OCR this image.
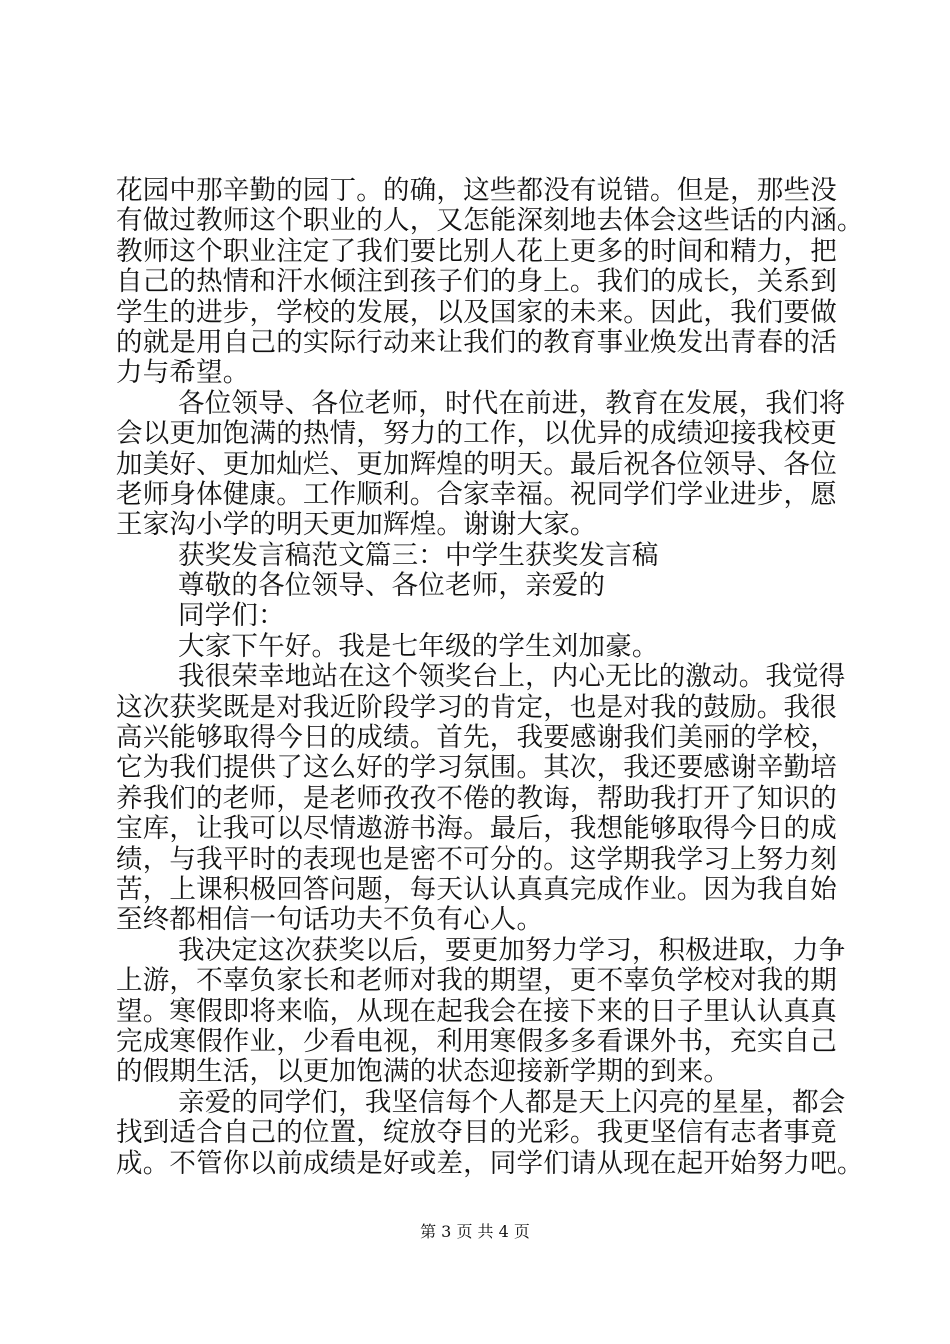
花园中那辛勤的园丁。的确，这些都没有说错。但是，那些没
有做过教师这个职业的人，又怎能深刻地去体会这些话的内涵。
教师这个职业注定了我们要比别人花上更多的时间和精力，把
自己的热情和汗水倾注到孩子们的身上。我们的成长，关系到
学生的进步，学校的发展，以及国家的未来。因此，我们要做
的就是用自己的实际行动来让我们的教育事业焕发出青春的活
力与希望。
各位领导、各位老师，时代在前进，教育在发展，我们将
会以更加饱满的热情，努力的工作，以优异的成绩迎接我校更
加美好、更加灿烂、更加辉煌的明天。最后祝各位领导、各位
老师身体健康。工作顺利。合家幸福。祝同学们学业进步，愿
王家沟小学的明天更加辉煌。谢谢大家。
获奖发言稿范文篇三：中学生获奖发言稿
尊敬的各位领导、各位老师，亲爱的
同学们：
大家下午好。我是七年级的学生刘加豪。
我很荣幸地站在这个领奖台上，内心无比的激动。我觉得
这次获奖既是对我近阶段学习的肯定，也是对我的鼓励。我很
高兴能够取得今日的成绩。首先，我要感谢我们美丽的学校，
它为我们提供了这么好的学习氛围。其次，我还要感谢辛勤培
养我们的老师，是老师孜孜不倦的教诲，帮助我打开了知识的
宝库，让我可以尽情遨游书海。最后，我想能够取得今日的成
绩，与我平时的表现也是密不可分的。这学期我学习上努力刻
苦，上课积极回答问题，每天认认真真完成作业。因为我自始
至终都相信一句话功夫不负有心人。
我决定这次获奖以后，要更加努力学习，积极进取，力争
上游，不辜负家长和老师对我的期望，更不辜负学校对我的期
望。寒假即将来临，从现在起我会在接下来的日子里认认真真
完成寒假作业，少看电视，利用寒假多多看课外书，充实自己
的假期生活，以更加饱满的状态迎接新学期的到来。
亲爱的同学们，我坚信每个人都是天上闪亮的星星，都会
找到适合自己的位置，绽放夺目的光彩。我更坚信有志者事竟
成。不管你以前成绩是好或差，同学们请从现在起开始努力吧。
第 3 页 共 4 页
